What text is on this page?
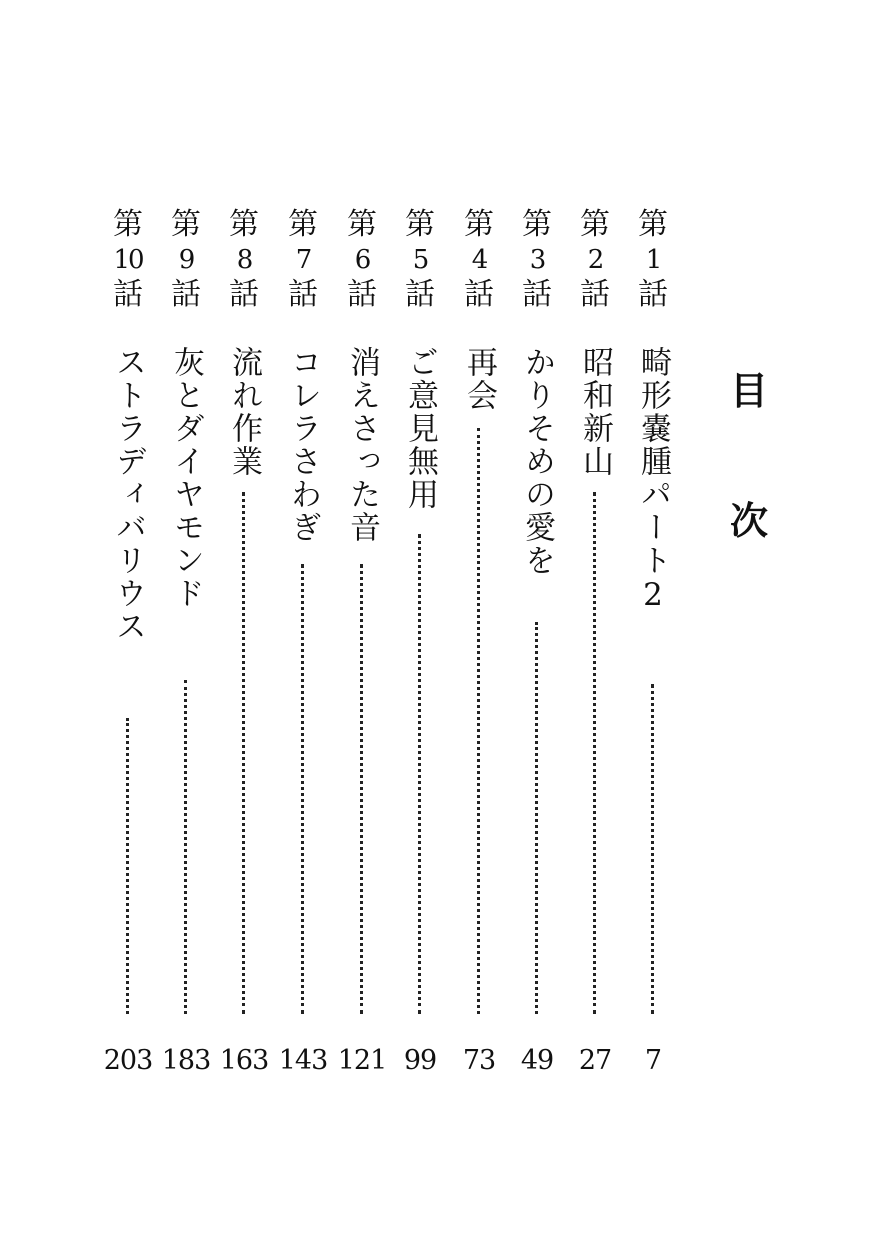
目
次
第
1
話
畸形嚢腫パート2
7
第
2
話
昭和新山
27
第
3
話
かりそめの愛を
49
第
4
話
再会
73
第
5
話
ご意見無用
99
第
6
話
消えさった音
121
第
7
話
コレラさわぎ
143
第
8
話
流れ作業
163
第
9
話
灰とダイヤモンド
183
第
10
話
ストラディバリウス
203
